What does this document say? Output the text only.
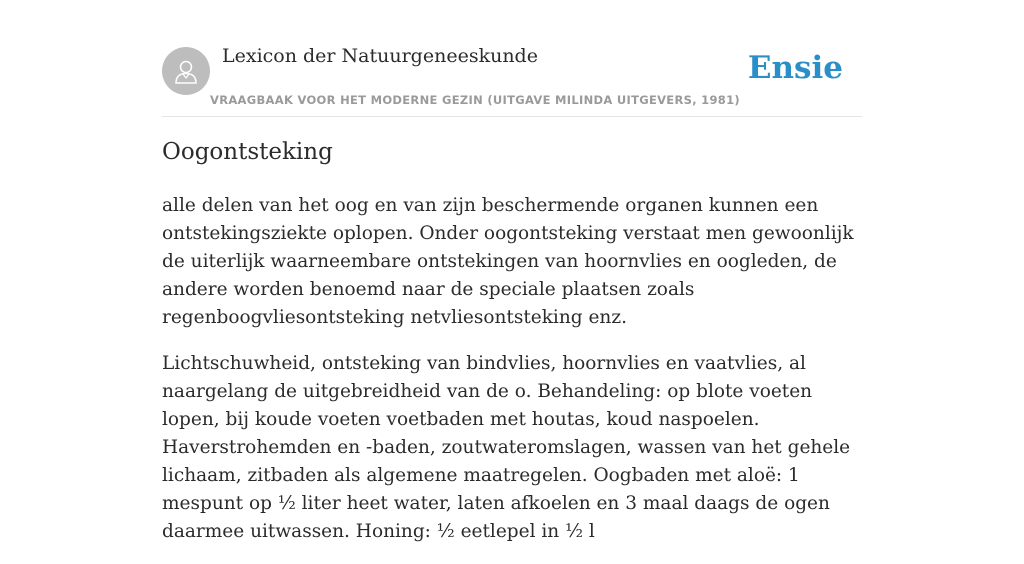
Lexicon der Natuurgeneeskunde
VRAAGBAAK VOOR HET MODERNE GEZIN (UITGAVE MILINDA UITGEVERS, 1981)
Ensie
Oogontsteking

alle delen van het oog en van zijn beschermende organen kunnen een ontstekingsziekte oplopen. Onder oogontsteking verstaat men gewoonlijk de uiterlijk waarneembare ontstekingen van hoornvlies en oogleden, de andere worden benoemd naar de speciale plaatsen zoals regenboogvliesontsteking netvliesontsteking enz.

Lichtschuwheid, ontsteking van bindvlies, hoornvlies en vaatvlies, al naargelang de uitgebreidheid van de o. Behandeling: op blote voeten lopen, bij koude voeten voetbaden met houtas, koud naspoelen. Haverstrohemden en -baden, zoutwateromslagen, wassen van het gehele lichaam, zitbaden als algemene maatregelen. Oogbaden met aloë: 1 mespunt op ½ liter heet water, laten afkoelen en 3 maal daags de ogen daarmee uitwassen. Honing: ½ eetlepel in ½ l
